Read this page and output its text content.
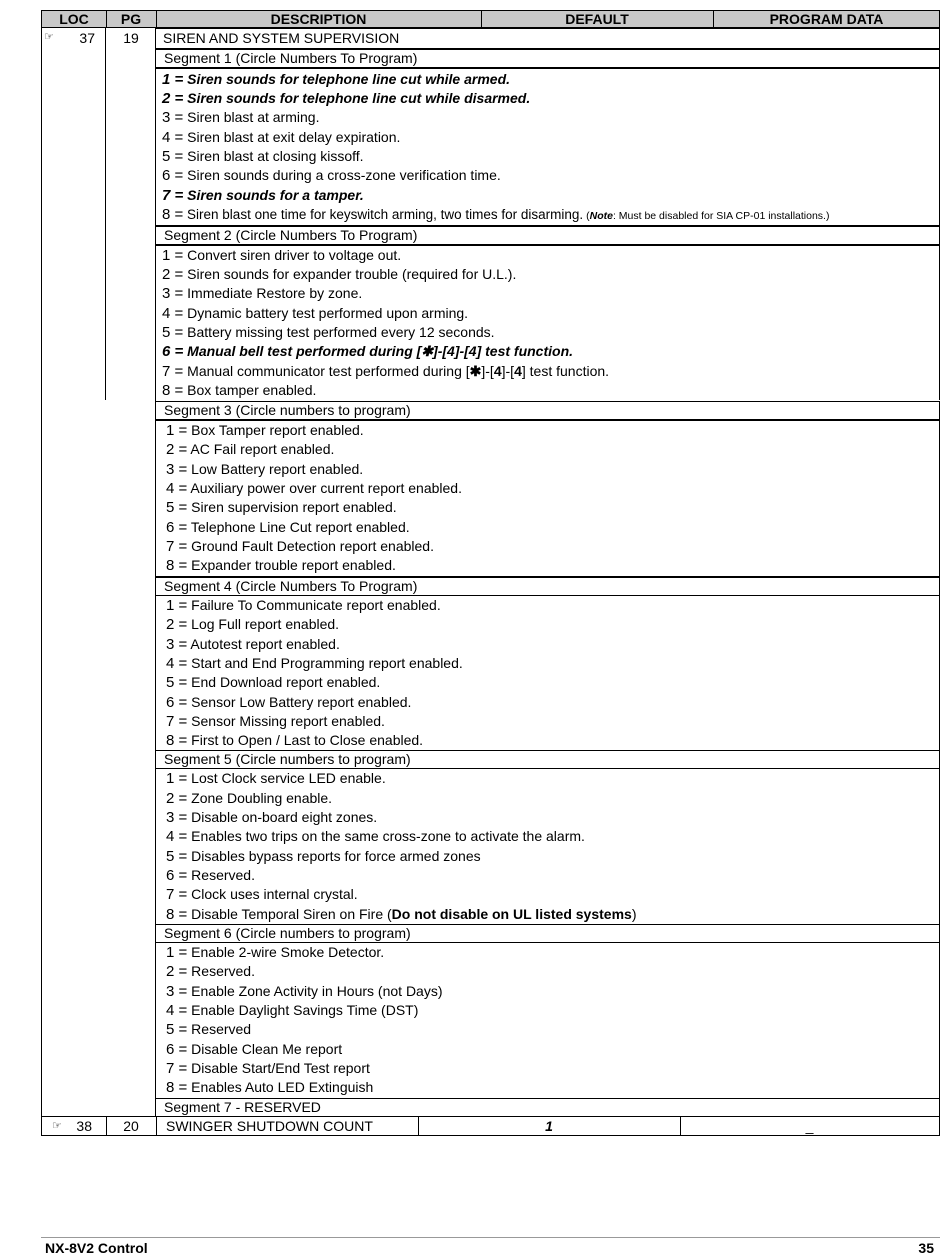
LOC	PG	DESCRIPTION	DEFAULT	PROGRAM DATA
☞ 37	19	SIREN AND SYSTEM SUPERVISION
Segment 1 (Circle Numbers To Program)
1 = Siren sounds for telephone line cut while armed.
2 = Siren sounds for telephone line cut while disarmed.
3 = Siren blast at arming.
4 = Siren blast at exit delay expiration.
5 = Siren blast at closing kissoff.
6 = Siren sounds during a cross-zone verification time.
7 = Siren sounds for a tamper.
8 = Siren blast one time for keyswitch arming, two times for disarming. (Note: Must be disabled for SIA CP-01 installations.)
Segment 2 (Circle Numbers To Program)
1 = Convert siren driver to voltage out.
2 = Siren sounds for expander trouble (required for U.L.).
3 = Immediate Restore by zone.
4 = Dynamic battery test performed upon arming.
5 = Battery missing test performed every 12 seconds.
6 = Manual bell test performed during [✱]-[4]-[4] test function.
7 = Manual communicator test performed during [✱]-[4]-[4] test function.
8 = Box tamper enabled.
Segment 3 (Circle numbers to program)
1 = Box Tamper report enabled.
2 = AC Fail report enabled.
3 = Low Battery report enabled.
4 = Auxiliary power over current report enabled.
5 = Siren supervision report enabled.
6 = Telephone Line Cut report enabled.
7 = Ground Fault Detection report enabled.
8 = Expander trouble report enabled.
Segment 4 (Circle Numbers To Program)
1 = Failure To Communicate report enabled.
2 = Log Full report enabled.
3 = Autotest report enabled.
4 = Start and End Programming report enabled.
5 = End Download report enabled.
6 = Sensor Low Battery report enabled.
7 = Sensor Missing report enabled.
8 = First to Open / Last to Close enabled.
Segment 5 (Circle numbers to program)
1 = Lost Clock service LED enable.
2 = Zone Doubling enable.
3 = Disable on-board eight zones.
4 = Enables two trips on the same cross-zone to activate the alarm.
5 = Disables bypass reports for force armed zones
6 = Reserved.
7 = Clock uses internal crystal.
8 = Disable Temporal Siren on Fire (Do not disable on UL listed systems)
Segment 6 (Circle numbers to program)
1 = Enable 2-wire Smoke Detector.
2 = Reserved.
3 = Enable Zone Activity in Hours (not Days)
4 = Enable Daylight Savings Time (DST)
5 = Reserved
6 = Disable Clean Me report
7 = Disable Start/End Test report
8 = Enables Auto LED Extinguish
Segment 7 - RESERVED
☞ 38	20	SWINGER SHUTDOWN COUNT	1	_
NX-8V2 Control	35
